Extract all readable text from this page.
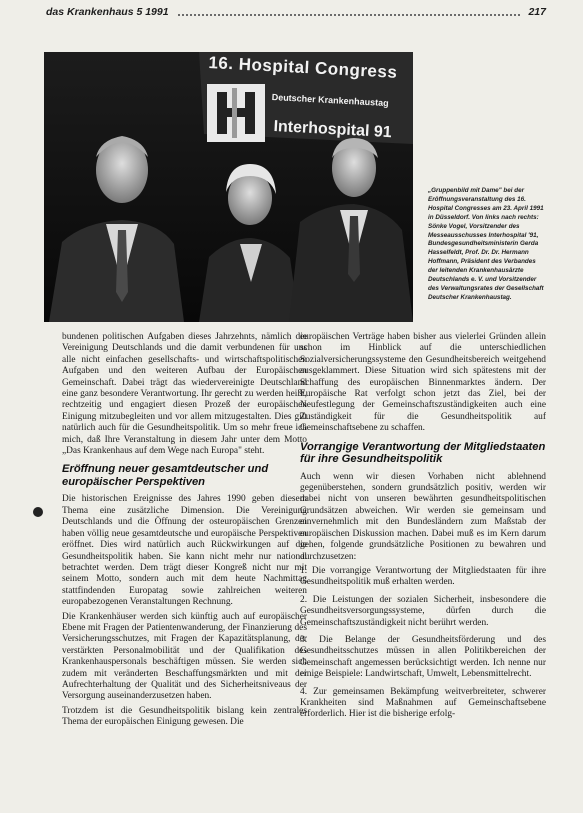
das Krankenhaus 5 1991	217
16. Hospital Congress
Deutscher Krankenhaustag
Interhospital 91
„Gruppenbild mit Dame" bei der Eröffnungsveranstaltung des 16. Hospital Congresses am 23. April 1991 in Düsseldorf. Von links nach rechts: Sönke Vogel, Vorsitzender des Messeausschusses Interhospital '91, Bundesgesundheitsministerin Gerda Hasselfeldt, Prof. Dr. Dr. Hermann Hoffmann, Präsident des Verbandes der leitenden Krankenhausärzte Deutschlands e. V. und Vorsitzender des Verwaltungsrates der Gesellschaft Deutscher Krankenhaustag.

bundenen politischen Aufgaben dieses Jahrzehnts, nämlich die Vereinigung Deutschlands und die damit verbundenen für uns alle nicht einfachen gesellschafts- und wirtschaftspolitischen Aufgaben und den weiteren Aufbau der Europäischen Gemeinschaft. Dabei trägt das wiedervereinigte Deutschland eine ganz besondere Verantwortung. Ihr gerecht zu werden heißt, rechtzeitig und engagiert diesen Prozeß der europäischen Einigung mitzubegleiten und vor allem mitzugestalten. Dies gilt natürlich auch für die Gesundheitspolitik. Um so mehr freue ich mich, daß Ihre Veranstaltung in diesem Jahr unter dem Motto „Das Krankenhaus auf dem Wege nach Europa" steht.

Eröffnung neuer gesamtdeutscher und europäischer Perspektiven

Die historischen Ereignisse des Jahres 1990 geben diesem Thema eine zusätzliche Dimension. Die Vereinigung Deutschlands und die Öffnung der osteuropäischen Grenzen haben völlig neue gesamtdeutsche und europäische Perspektiven eröffnet. Dies wird natürlich auch Rückwirkungen auf die Gesundheitspolitik haben. Sie kann nicht mehr nur national betrachtet werden. Dem trägt dieser Kongreß nicht nur mit seinem Motto, sondern auch mit dem heute Nachmittag stattfindenden Europatag sowie zahlreichen weiteren europabezogenen Veranstaltungen Rechnung.

Die Krankenhäuser werden sich künftig auch auf europäischer Ebene mit Fragen der Patientenwanderung, der Finanzierung des Versicherungsschutzes, mit Fragen der Kapazitätsplanung, der verstärkten Personalmobilität und der Qualifikation des Krankenhauspersonals beschäftigen müssen. Sie werden sich zudem mit veränderten Beschaffungsmärkten und mit der Aufrechterhaltung der Qualität und des Sicherheitsniveaus der Versorgung auseinanderzusetzen haben.

Trotzdem ist die Gesundheitspolitik bislang kein zentrales Thema der europäischen Einigung gewesen. Die

europäischen Verträge haben bisher aus vielerlei Gründen allein schon im Hinblick auf die unterschiedlichen Sozialversicherungssysteme den Gesundheitsbereich weitgehend ausgeklammert. Diese Situation wird sich spätestens mit der Schaffung des europäischen Binnenmarktes ändern. Der Europäische Rat verfolgt schon jetzt das Ziel, bei der Neufestlegung der Gemeinschaftszuständigkeiten auch eine Zuständigkeit für die Gesundheitspolitik auf Gemeinschaftsebene zu schaffen.

Vorrangige Verantwortung der Mitgliedstaaten für ihre Gesundheitspolitik

Auch wenn wir diesen Vorhaben nicht ablehnend gegenüberstehen, sondern grundsätzlich positiv, werden wir dabei nicht von unseren bewährten gesundheitspolitischen Grundsätzen abweichen. Wir werden sie gemeinsam und einvernehmlich mit den Bundesländern zum Maßstab der europäischen Diskussion machen. Dabei muß es im Kern darum gehen, folgende grundsätzliche Positionen zu bewahren und durchzusetzen:

1. Die vorrangige Verantwortung der Mitgliedstaaten für ihre Gesundheitspolitik muß erhalten werden.
2. Die Leistungen der sozialen Sicherheit, insbesondere die Gesundheitsversorgungssysteme, dürfen durch die Gemeinschaftszuständigkeit nicht berührt werden.
3. Die Belange der Gesundheitsförderung und des Gesundheitsschutzes müssen in allen Politikbereichen der Gemeinschaft angemessen berücksichtigt werden. Ich nenne nur einige Beispiele: Landwirtschaft, Umwelt, Lebensmittelrecht.
4. Zur gemeinsamen Bekämpfung weitverbreiteter, schwerer Krankheiten sind Maßnahmen auf Gemeinschaftsebene erforderlich. Hier ist die bisherige erfolg-
